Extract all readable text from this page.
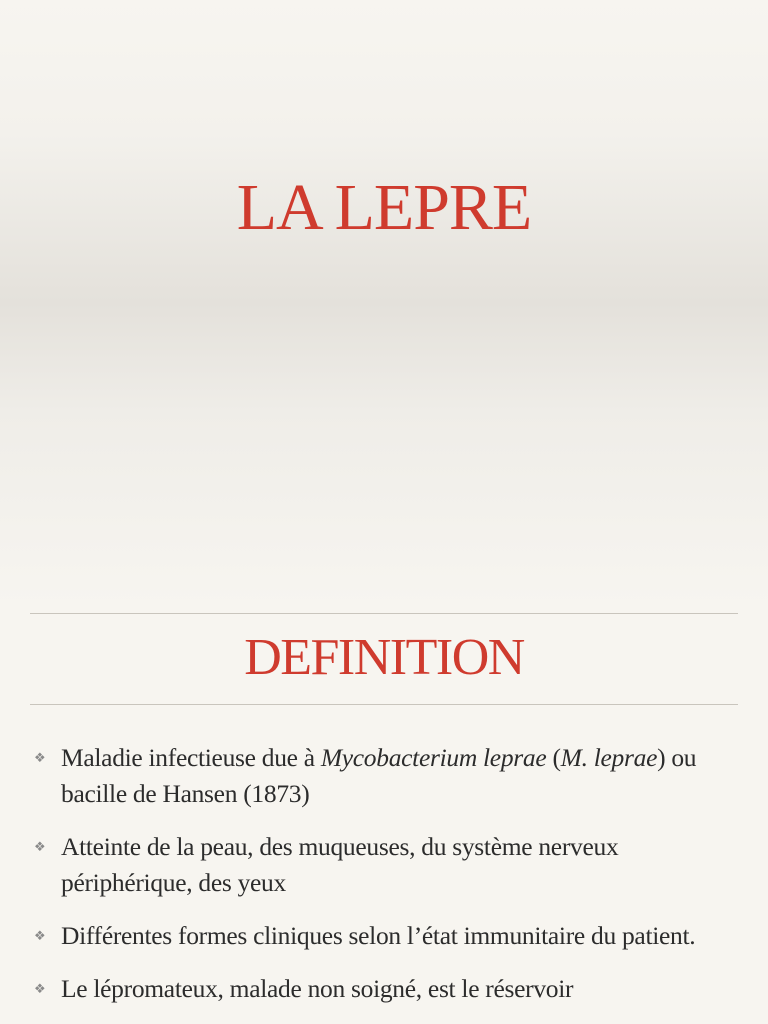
LA LEPRE
DEFINITION
❖ Maladie infectieuse due à Mycobacterium leprae (M. leprae) ou bacille de Hansen (1873)
❖ Atteinte de la peau, des muqueuses, du système nerveux périphérique, des yeux
❖ Différentes formes cliniques selon l’état immunitaire du patient.
❖ Le lépromateux, malade non soigné, est le réservoir
